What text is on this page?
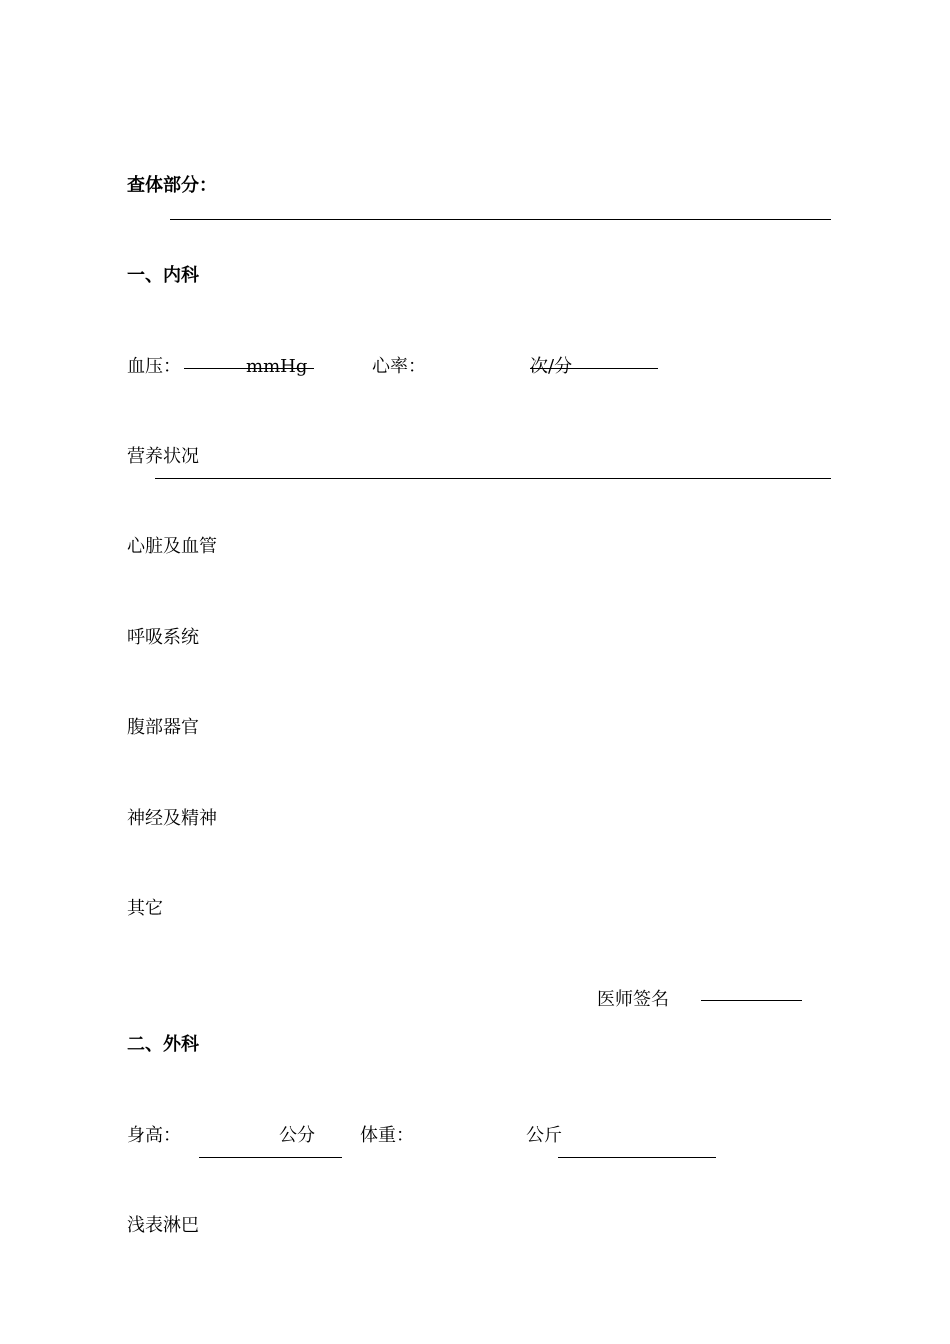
查体部分：
一、内科
血压：	mmHg	心率：	次/分
营养状况
心脏及血管
呼吸系统
腹部器官
神经及精神
其它
医师签名
二、外科
身高：	公分	体重：	公斤
浅表淋巴
